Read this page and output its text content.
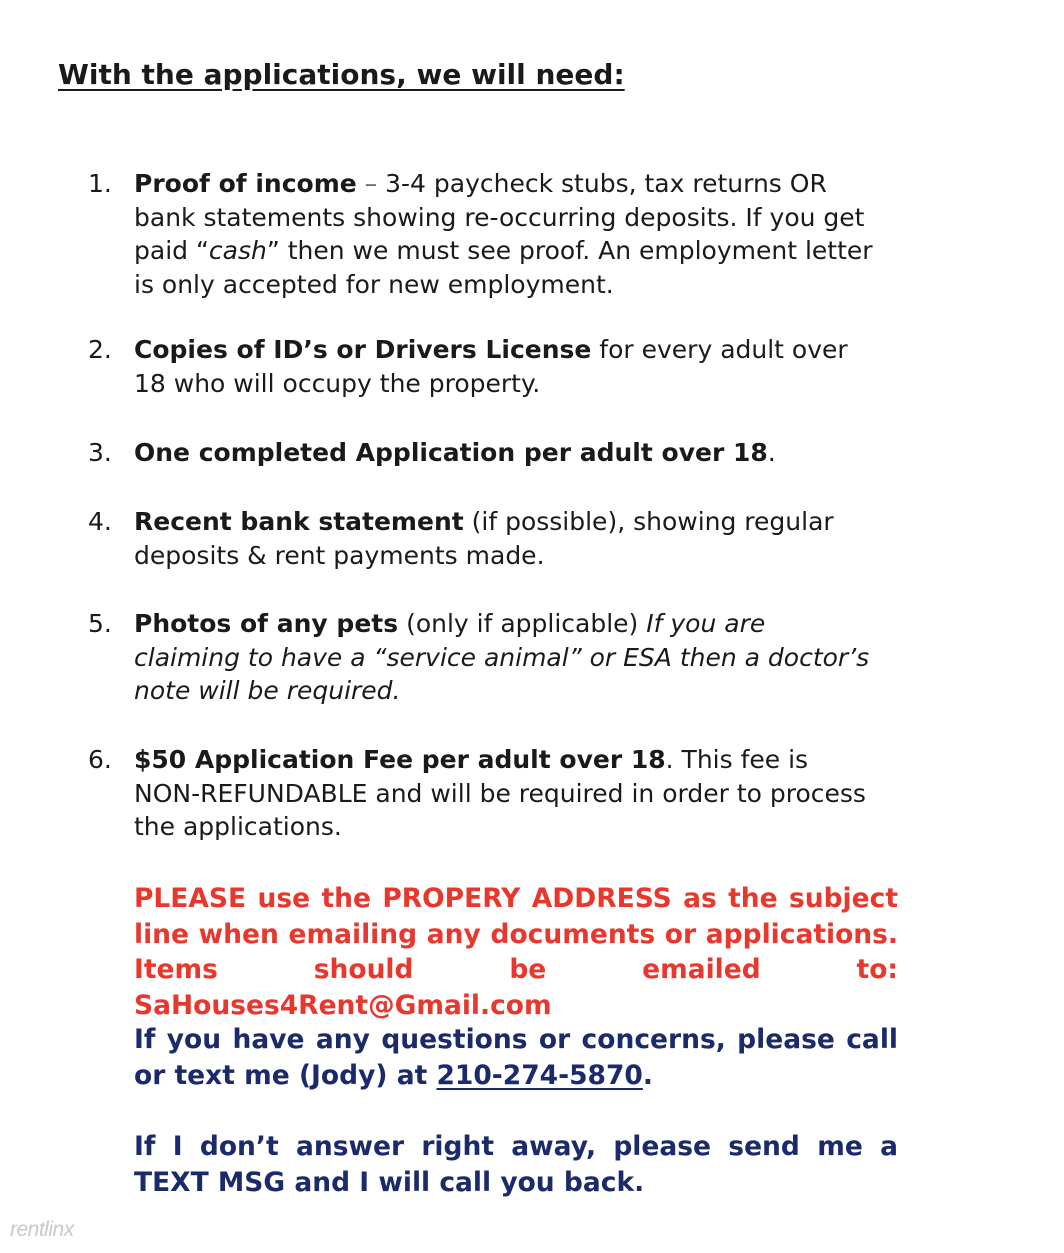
With the applications, we will need:
1. Proof of income – 3-4 paycheck stubs, tax returns OR bank statements showing re-occurring deposits. If you get paid “cash” then we must see proof. An employment letter is only accepted for new employment.
2. Copies of ID’s or Drivers License for every adult over 18 who will occupy the property.
3. One completed Application per adult over 18.
4. Recent bank statement (if possible), showing regular deposits & rent payments made.
5. Photos of any pets (only if applicable) If you are claiming to have a “service animal” or ESA then a doctor’s note will be required.
6. $50 Application Fee per adult over 18. This fee is NON-REFUNDABLE and will be required in order to process the applications.
PLEASE use the PROPERY ADDRESS as the subject line when emailing any documents or applications. Items should be emailed to: SaHouses4Rent@Gmail.com
If you have any questions or concerns, please call or text me (Jody) at 210-274-5870.
If I don’t answer right away, please send me a TEXT MSG and I will call you back.
rentlinx
